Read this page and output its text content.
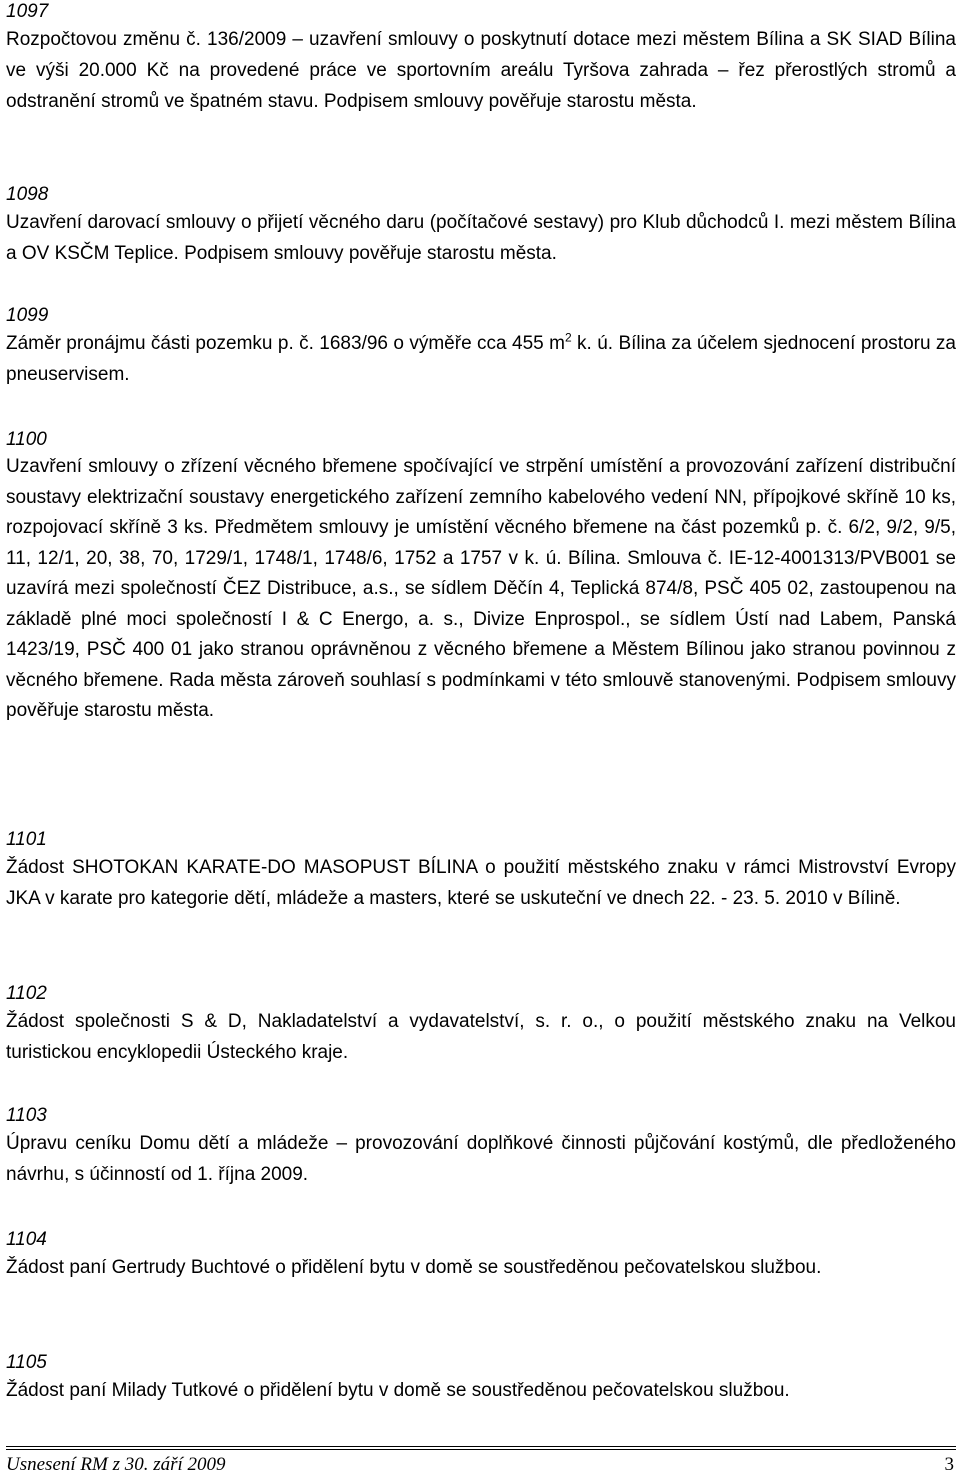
1097

Rozpočtovou změnu č. 136/2009 – uzavření smlouvy o poskytnutí dotace mezi městem Bílina a SK SIAD Bílina ve výši 20.000 Kč na provedené práce ve sportovním areálu Tyršova zahrada – řez přerostlých stromů a odstranění stromů ve špatném stavu. Podpisem smlouvy pověřuje starostu města.

1098

Uzavření darovací smlouvy o přijetí věcného daru (počítačové sestavy) pro Klub důchodců I. mezi městem Bílina a OV KSČM Teplice. Podpisem smlouvy pověřuje starostu města.

1099

Záměr pronájmu části pozemku p. č. 1683/96 o výměře cca 455 $m^2$ k. ú. Bílina za účelem sjednocení prostoru za pneuservisem.

1100

Uzavření smlouvy o zřízení věcného břemene spočívající ve strpění umístění a provozování zařízení distribuční soustavy elektrizační soustavy energetického zařízení zemního kabelového vedení NN, přípojkové skříně 10 ks, rozpojovací skříně 3 ks. Předmětem smlouvy je umístění věcného břemene na část pozemků p. č. 6/2, 9/2, 9/5, 11, 12/1, 20, 38, 70, 1729/1, 1748/1, 1748/6, 1752 a 1757 v k. ú. Bílina. Smlouva č. IE-12-4001313/PVB001 se uzavírá mezi společností ČEZ Distribuce, a.s., se sídlem Děčín 4, Teplická 874/8, PSČ 405 02, zastoupenou na základě plné moci společností I & C Energo, a. s., Divize Enprospol., se sídlem Ústí nad Labem, Panská 1423/19, PSČ 400 01 jako stranou oprávněnou z věcného břemene a Městem Bílinou jako stranou povinnou z věcného břemene. Rada města zároveň souhlasí s podmínkami v této smlouvě stanovenými. Podpisem smlouvy pověřuje starostu města.

1101

Žádost SHOTOKAN KARATE-DO MASOPUST BÍLINA o použití městského znaku v rámci Mistrovství Evropy JKA v karate pro kategorie dětí, mládeže a masters, které se uskuteční ve dnech 22. - 23. 5. 2010 v Bílině.

1102

Žádost společnosti S & D, Nakladatelství a vydavatelství, s. r. o., o použití městského znaku na Velkou turistickou encyklopedii Ústeckého kraje.

1103

Úpravu ceníku Domu dětí a mládeže – provozování doplňkové činnosti půjčování kostýmů, dle předloženého návrhu, s účinností od 1. října 2009.

1104

Žádost paní Gertrudy Buchtové o přidělení bytu v domě se soustředěnou pečovatelskou službou.

1105

Žádost paní Milady Tutkové o přidělení bytu v domě se soustředěnou pečovatelskou službou.

Usnesení RM z 30. září 2009	3
